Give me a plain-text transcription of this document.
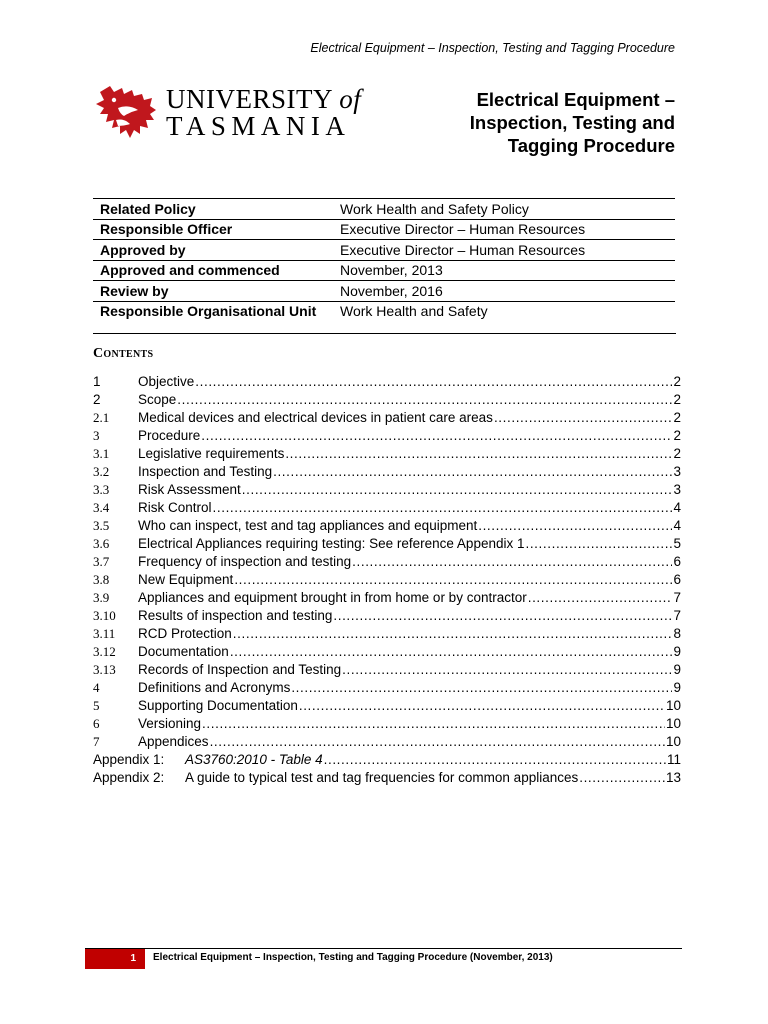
Electrical Equipment – Inspection, Testing and Tagging Procedure
UNIVERSITY of
TASMANIA
Electrical Equipment –
Inspection, Testing and
Tagging Procedure
Related Policy	Work Health and Safety Policy
Responsible Officer	Executive Director – Human Resources
Approved by	Executive Director – Human Resources
Approved and commenced	November, 2013
Review by	November, 2016
Responsible Organisational Unit	Work Health and Safety
Contents
1	Objective .....	2
2	Scope .....	2
2.1	Medical devices and electrical devices in patient care areas .....	2
3	Procedure .....	2
3.1	Legislative requirements .....	2
3.2	Inspection and Testing .....	3
3.3	Risk Assessment .....	3
3.4	Risk Control .....	4
3.5	Who can inspect, test and tag appliances and equipment .....	4
3.6	Electrical Appliances requiring testing: See reference Appendix 1 .....	5
3.7	Frequency of inspection and testing .....	6
3.8	New Equipment .....	6
3.9	Appliances and equipment brought in from home or by contractor .....	7
3.10	Results of inspection and testing .....	7
3.11	RCD Protection .....	8
3.12	Documentation .....	9
3.13	Records of Inspection and Testing .....	9
4	Definitions and Acronyms .....	9
5	Supporting Documentation .....	10
6	Versioning .....	10
7	Appendices .....	10
Appendix 1:	AS3760:2010 - Table 4 .....	11
Appendix 2:	A guide to typical test and tag frequencies for common appliances .....	13
1	Electrical Equipment – Inspection, Testing and Tagging Procedure (November, 2013)
